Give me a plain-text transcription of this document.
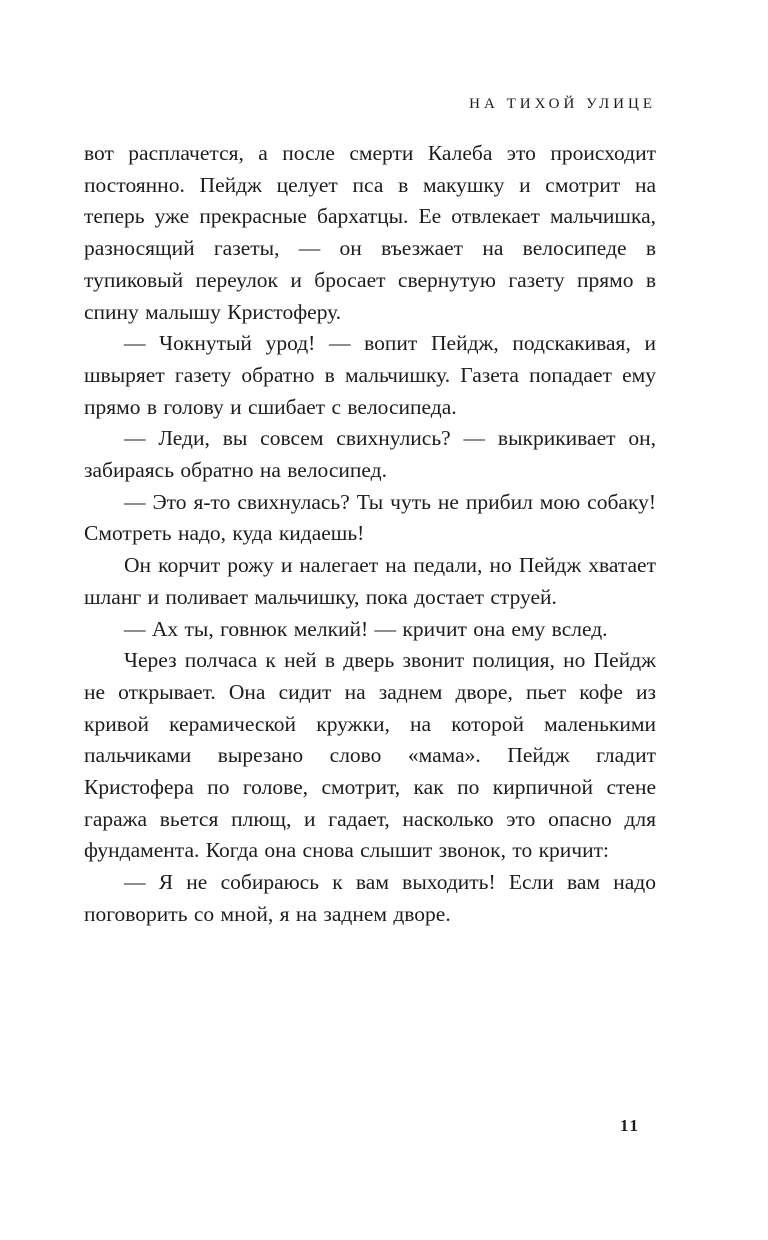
НА ТИХОЙ УЛИЦЕ

вот расплачется, а после смерти Калеба это происходит постоянно. Пейдж целует пса в макушку и смотрит на теперь уже прекрасные бархатцы. Ее отвлекает мальчишка, разносящий газеты, — он въезжает на велосипеде в тупиковый переулок и бросает свернутую газету прямо в спину малышу Кристоферу.

— Чокнутый урод! — вопит Пейдж, подскакивая, и швыряет газету обратно в мальчишку. Газета попадает ему прямо в голову и сшибает с велосипеда.

— Леди, вы совсем свихнулись? — выкрикивает он, забираясь обратно на велосипед.

— Это я-то свихнулась? Ты чуть не прибил мою собаку! Смотреть надо, куда кидаешь!

Он корчит рожу и налегает на педали, но Пейдж хватает шланг и поливает мальчишку, пока достает струей.

— Ах ты, говнюк мелкий! — кричит она ему вслед.

Через полчаса к ней в дверь звонит полиция, но Пейдж не открывает. Она сидит на заднем дворе, пьет кофе из кривой керамической кружки, на которой маленькими пальчиками вырезано слово «мама». Пейдж гладит Кристофера по голове, смотрит, как по кирпичной стене гаража вьется плющ, и гадает, насколько это опасно для фундамента. Когда она снова слышит звонок, то кричит:

— Я не собираюсь к вам выходить! Если вам надо поговорить со мной, я на заднем дворе.

11
